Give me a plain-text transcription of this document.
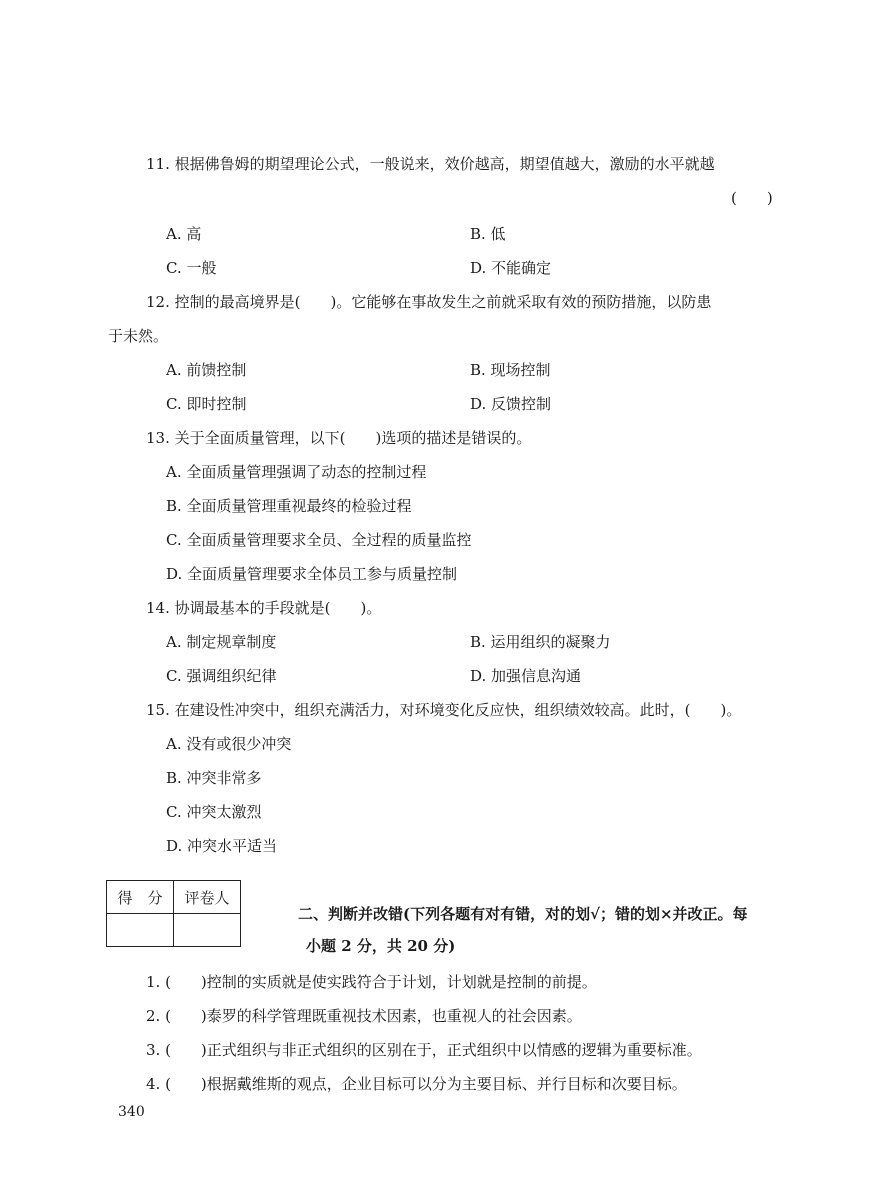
11. 根据佛鲁姆的期望理论公式，一般说来，效价越高，期望值越大，激励的水平就越
(　　)
A. 高	B. 低
C. 一般	D. 不能确定
12. 控制的最高境界是(　　)。它能够在事故发生之前就采取有效的预防措施，以防患
于未然。
A. 前馈控制	B. 现场控制
C. 即时控制	D. 反馈控制
13. 关于全面质量管理，以下(　　)选项的描述是错误的。
A. 全面质量管理强调了动态的控制过程
B. 全面质量管理重视最终的检验过程
C. 全面质量管理要求全员、全过程的质量监控
D. 全面质量管理要求全体员工参与质量控制
14. 协调最基本的手段就是(　　)。
A. 制定规章制度	B. 运用组织的凝聚力
C. 强调组织纪律	D. 加强信息沟通
15. 在建设性冲突中，组织充满活力，对环境变化反应快，组织绩效较高。此时，(　　)。
A. 没有或很少冲突
B. 冲突非常多
C. 冲突太激烈
D. 冲突水平适当
得　分	评卷人

二、判断并改错(下列各题有对有错，对的划√；错的划×并改正。每
小题 2 分，共 20 分)
1. (　　)控制的实质就是使实践符合于计划，计划就是控制的前提。
2. (　　)泰罗的科学管理既重视技术因素，也重视人的社会因素。
3. (　　)正式组织与非正式组织的区别在于，正式组织中以情感的逻辑为重要标准。
4. (　　)根据戴维斯的观点，企业目标可以分为主要目标、并行目标和次要目标。
340
